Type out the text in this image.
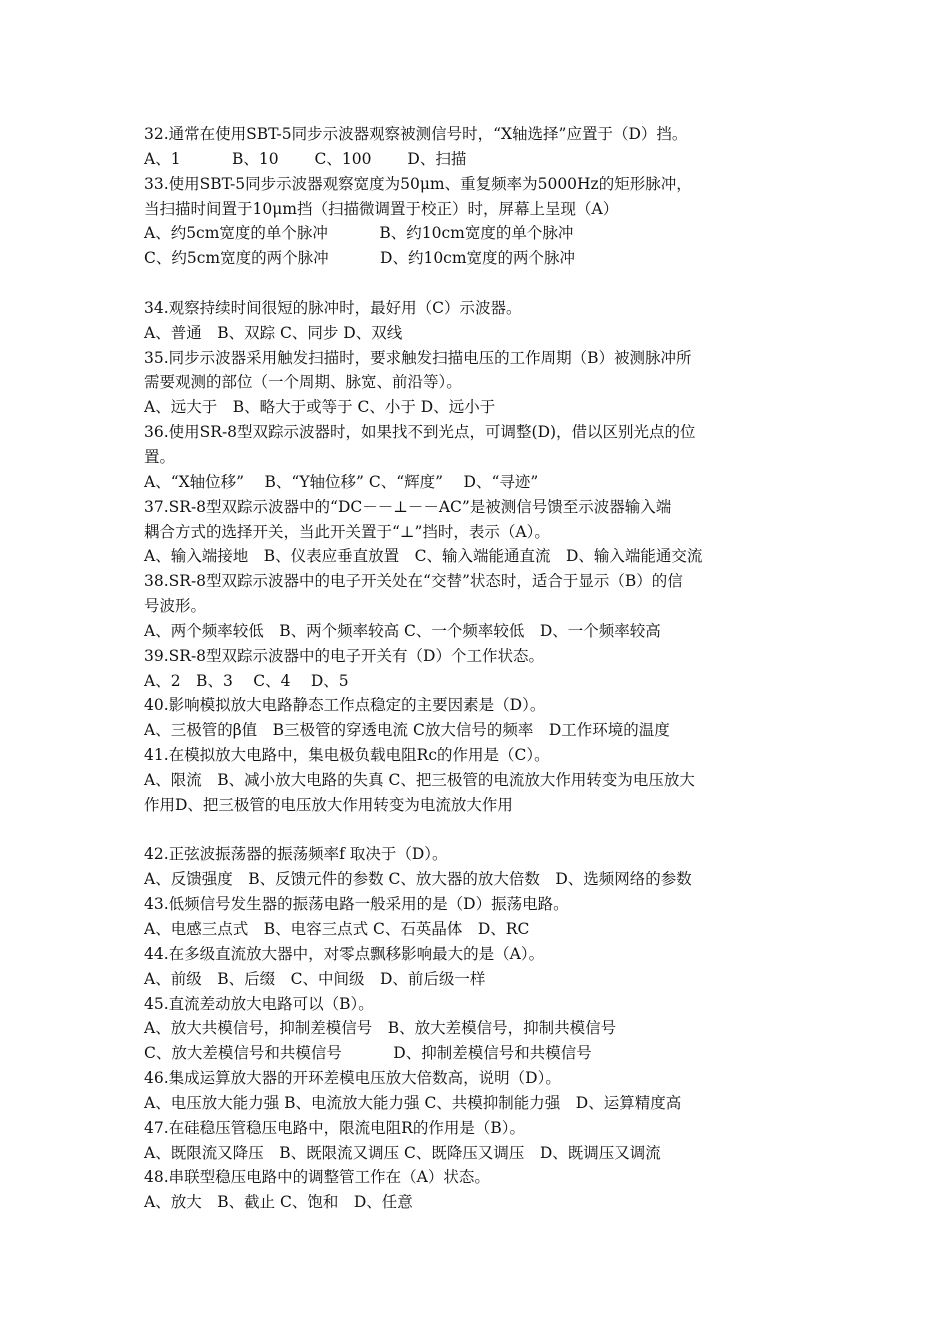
32.通常在使用SBT-5同步示波器观察被测信号时，“X轴选择”应置于（D）挡。
A、1　　　 B、10　　 C、100　　 D、扫描
33.使用SBT-5同步示波器观察宽度为50μm、重复频率为5000Hz的矩形脉冲，
当扫描时间置于10μm挡（扫描微调置于校正）时，屏幕上呈现（A）
A、约5cm宽度的单个脉冲　　　 B、约10cm宽度的单个脉冲
C、约5cm宽度的两个脉冲　　　 D、约10cm宽度的两个脉冲
34.观察持续时间很短的脉冲时，最好用（C）示波器。
A、普通　B、双踪 C、同步 D、双线
35.同步示波器采用触发扫描时，要求触发扫描电压的工作周期（B）被测脉冲所
需要观测的部位（一个周期、脉宽、前沿等）。
A、远大于　B、略大于或等于 C、小于 D、远小于
36.使用SR-8型双踪示波器时，如果找不到光点，可调整(D)，借以区别光点的位
置。
A、“X轴位移”　 B、“Y轴位移” C、“辉度”　 D、“寻迹”
37.SR-8型双踪示波器中的“DC－－⊥－－AC”是被测信号馈至示波器输入端
耦合方式的选择开关，当此开关置于“⊥”挡时，表示（A）。
A、输入端接地　B、仪表应垂直放置　C、输入端能通直流　D、输入端能通交流
38.SR-8型双踪示波器中的电子开关处在“交替”状态时，适合于显示（B）的信
号波形。
A、两个频率较低　B、两个频率较高 C、一个频率较低　D、一个频率较高
39.SR-8型双踪示波器中的电子开关有（D）个工作状态。
A、2　B、3　 C、4　 D、5
40.影响模拟放大电路静态工作点稳定的主要因素是（D）。
A、三极管的β值　B三极管的穿透电流 C放大信号的频率　D工作环境的温度
41.在模拟放大电路中，集电极负载电阻Rc的作用是（C）。
A、限流　B、减小放大电路的失真 C、把三极管的电流放大作用转变为电压放大
作用D、把三极管的电压放大作用转变为电流放大作用
42.正弦波振荡器的振荡频率f 取决于（D）。
A、反馈强度　B、反馈元件的参数 C、放大器的放大倍数　D、选频网络的参数
43.低频信号发生器的振荡电路一般采用的是（D）振荡电路。
A、电感三点式　B、电容三点式 C、石英晶体　D、RC
44.在多级直流放大器中，对零点飘移影响最大的是（A）。
A、前级　B、后缀　C、中间级　D、前后级一样
45.直流差动放大电路可以（B）。
A、放大共模信号，抑制差模信号　B、放大差模信号，抑制共模信号
C、放大差模信号和共模信号　　　 D、抑制差模信号和共模信号
46.集成运算放大器的开环差模电压放大倍数高，说明（D）。
A、电压放大能力强 B、电流放大能力强 C、共模抑制能力强　D、运算精度高
47.在硅稳压管稳压电路中，限流电阻R的作用是（B）。
A、既限流又降压　B、既限流又调压 C、既降压又调压　D、既调压又调流
48.串联型稳压电路中的调整管工作在（A）状态。
A、放大　B、截止 C、饱和　D、任意
